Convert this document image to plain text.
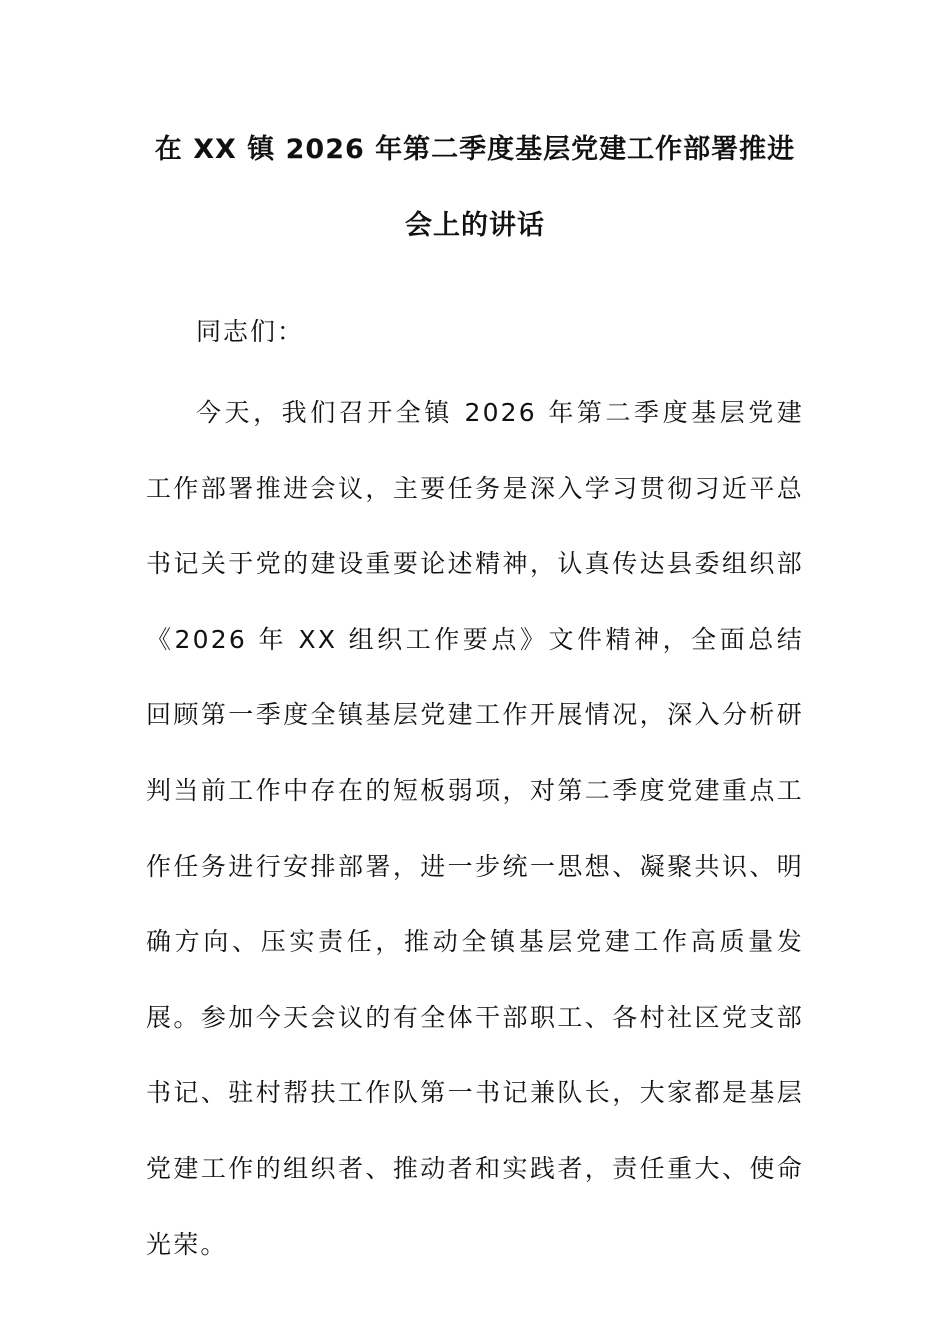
在 XX 镇 2026 年第二季度基层党建工作部署推进会上的讲话

同志们：

今天，我们召开全镇 2026 年第二季度基层党建工作部署推进会议，主要任务是深入学习贯彻习近平总书记关于党的建设重要论述精神，认真传达县委组织部《2026 年 XX 组织工作要点》文件精神，全面总结回顾第一季度全镇基层党建工作开展情况，深入分析研判当前工作中存在的短板弱项，对第二季度党建重点工作任务进行安排部署，进一步统一思想、凝聚共识、明确方向、压实责任，推动全镇基层党建工作高质量发展。参加今天会议的有全体干部职工、各村社区党支部书记、驻村帮扶工作队第一书记兼队长，大家都是基层党建工作的组织者、推动者和实践者，责任重大、使命光荣。
